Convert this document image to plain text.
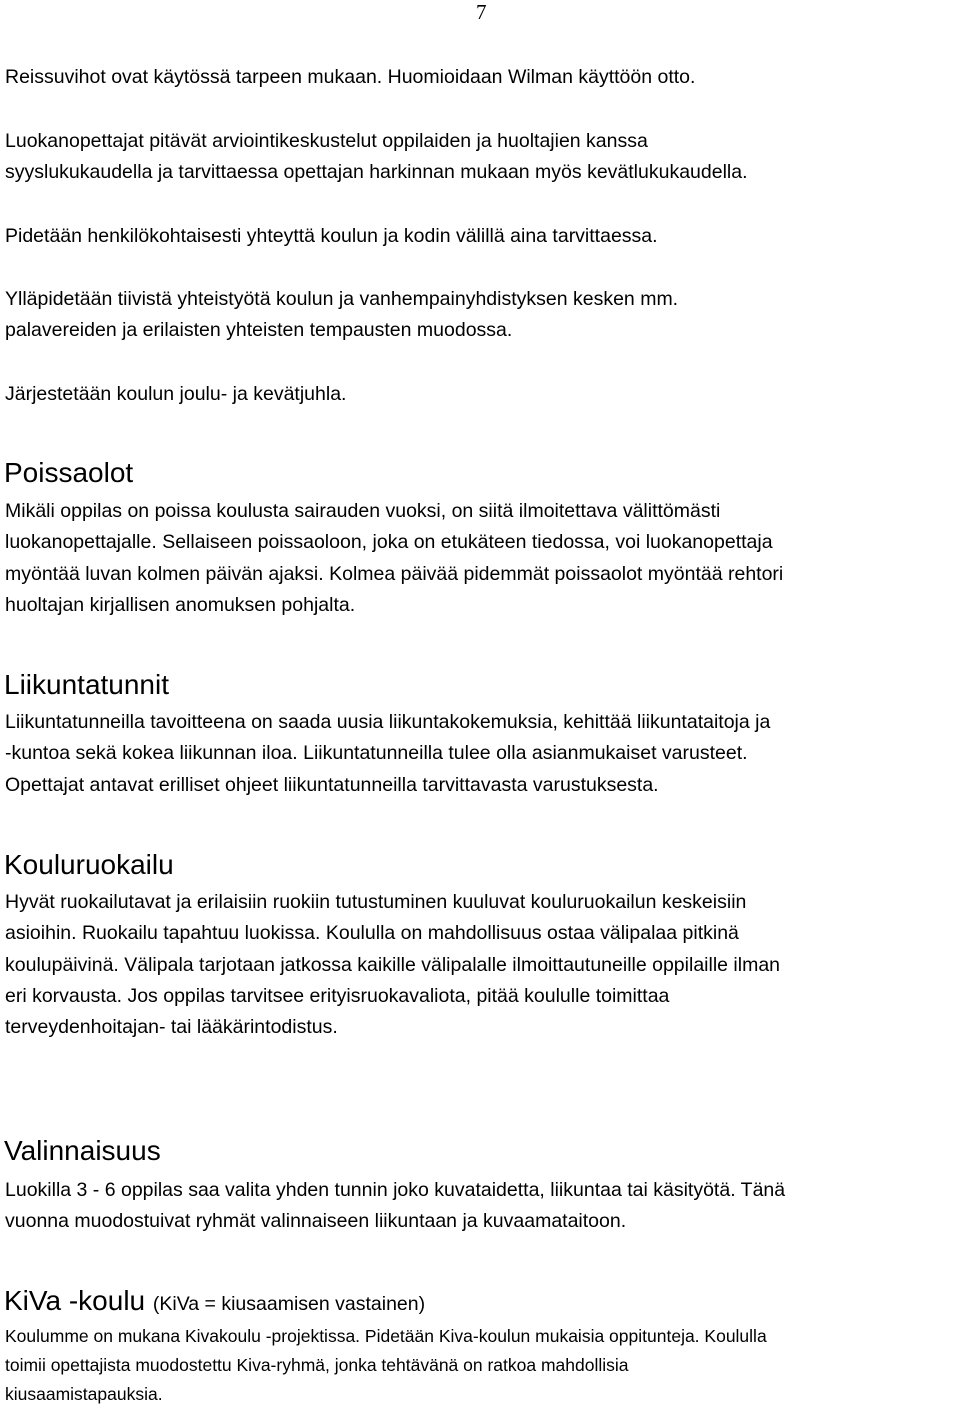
7

Reissuvihot ovat käytössä tarpeen mukaan. Huomioidaan Wilman käyttöön otto.

Luokanopettajat pitävät arviointikeskustelut oppilaiden ja huoltajien kanssa
syyslukukaudella ja tarvittaessa opettajan harkinnan mukaan myös kevätlukukaudella.

Pidetään henkilökohtaisesti yhteyttä koulun ja kodin välillä aina tarvittaessa.

Ylläpidetään tiivistä yhteistyötä koulun ja vanhempainyhdistyksen kesken mm.
palavereiden ja erilaisten yhteisten tempausten muodossa.

Järjestetään koulun joulu- ja kevätjuhla.

Poissaolot

Mikäli oppilas on poissa koulusta sairauden vuoksi, on siitä ilmoitettava välittömästi
luokanopettajalle. Sellaiseen poissaoloon, joka on etukäteen tiedossa, voi luokanopettaja
myöntää luvan kolmen päivän ajaksi. Kolmea päivää pidemmät poissaolot myöntää rehtori
huoltajan kirjallisen anomuksen pohjalta.

Liikuntatunnit

Liikuntatunneilla tavoitteena on saada uusia liikuntakokemuksia, kehittää liikuntataitoja ja
-kuntoa sekä kokea liikunnan iloa. Liikuntatunneilla tulee olla asianmukaiset varusteet.
Opettajat antavat erilliset ohjeet liikuntatunneilla tarvittavasta varustuksesta.

Kouluruokailu

Hyvät ruokailutavat ja erilaisiin ruokiin tutustuminen kuuluvat kouluruokailun keskeisiin
asioihin. Ruokailu tapahtuu luokissa. Koululla on mahdollisuus ostaa välipalaa pitkinä
koulupäivinä. Välipala tarjotaan jatkossa kaikille välipalalle ilmoittautuneille oppilaille ilman
eri korvausta. Jos oppilas tarvitsee erityisruokavaliota, pitää koululle toimittaa
terveydenhoitajan- tai lääkärintodistus.

Valinnaisuus

Luokilla 3 - 6 oppilas saa valita yhden tunnin joko kuvataidetta, liikuntaa tai käsityötä. Tänä
vuonna muodostuivat ryhmät valinnaiseen liikuntaan ja kuvaamataitoon.

KiVa -koulu (KiVa = kiusaamisen vastainen)

Koulumme on mukana Kivakoulu -projektissa. Pidetään Kiva-koulun mukaisia oppitunteja. Koululla
toimii opettajista muodostettu Kiva-ryhmä, jonka tehtävänä on ratkoa mahdollisia
kiusaamistapauksia.
